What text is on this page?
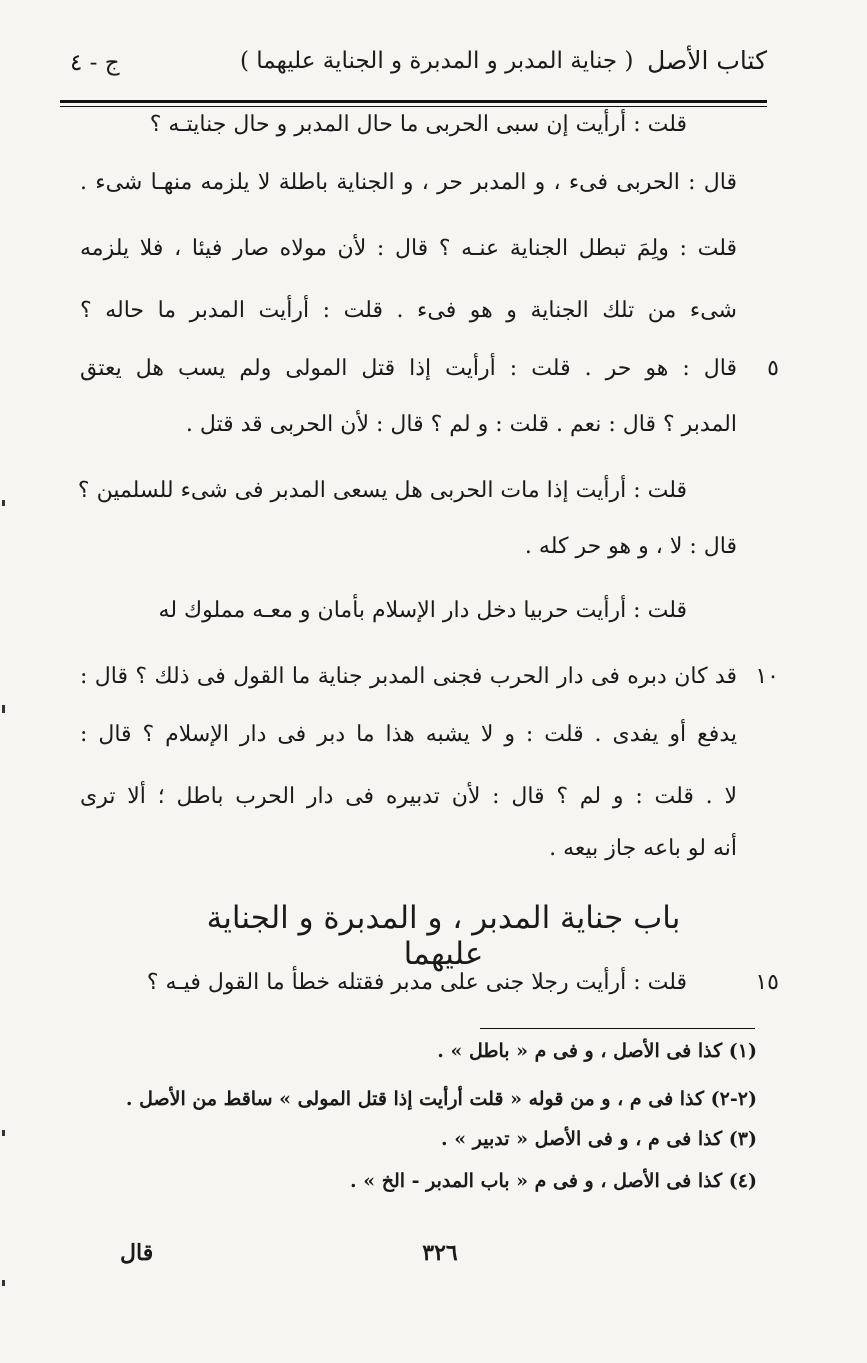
كتاب الأصل
( جناية المدبر و المدبرة و الجناية عليهما )
ج - ٤
قلت : أرأيت إن سبى الحربى ما حال المدبر و حال جنايتـه ؟
قال : الحربى فىء ، و المدبر حر ، و الجناية باطلة لا يلزمه منهـا شىء .
قلت : ولِمَ تبطل الجناية عنـه ؟ قال : لأن مولاه صار فيئا ، فلا يلزمه
شىء من تلك الجناية و هو فىء . قلت : أرأيت المدبر ما حاله ؟
قال : هو حر . قلت : أرأيت إذا قتل المولى ولم يسب هل يعتق ٥
المدبر ؟ قال : نعم . قلت : و لم ؟ قال : لأن الحربى قد قتل .
قلت : أرأيت إذا مات الحربى هل يسعى المدبر فى شىء للسلمين ؟
قال : لا ، و هو حر كله .
قلت : أرأيت حربيا دخل دار الإسلام بأمان و معـه مملوك له
قد كان دبره فى دار الحرب فجنى المدبر جناية ما القول فى ذلك ؟ قال : ١٠
يدفع أو يفدى . قلت : و لا يشبه هذا ما دبر فى دار الإسلام ؟ قال :
لا . قلت : و لم ؟ قال : لأن تدبيره فى دار الحرب باطل ؛ ألا ترى
أنه لو باعه جاز بيعه .
باب جناية المدبر ، و المدبرة و الجناية عليهما
قلت : أرأيت رجلا جنى على مدبر فقتله خطأ ما القول فيـه ؟	١٥
(١) كذا فى الأصل ، و فى م « باطل » .
(٢-٢) كذا فى م ، و من قوله « قلت أرأيت إذا قتل المولى » ساقط من الأصل .
(٣) كذا فى م ، و فى الأصل « تدبير » .
(٤) كذا فى الأصل ، و فى م « باب المدبر - الخ » .
٣٢٦
قال
